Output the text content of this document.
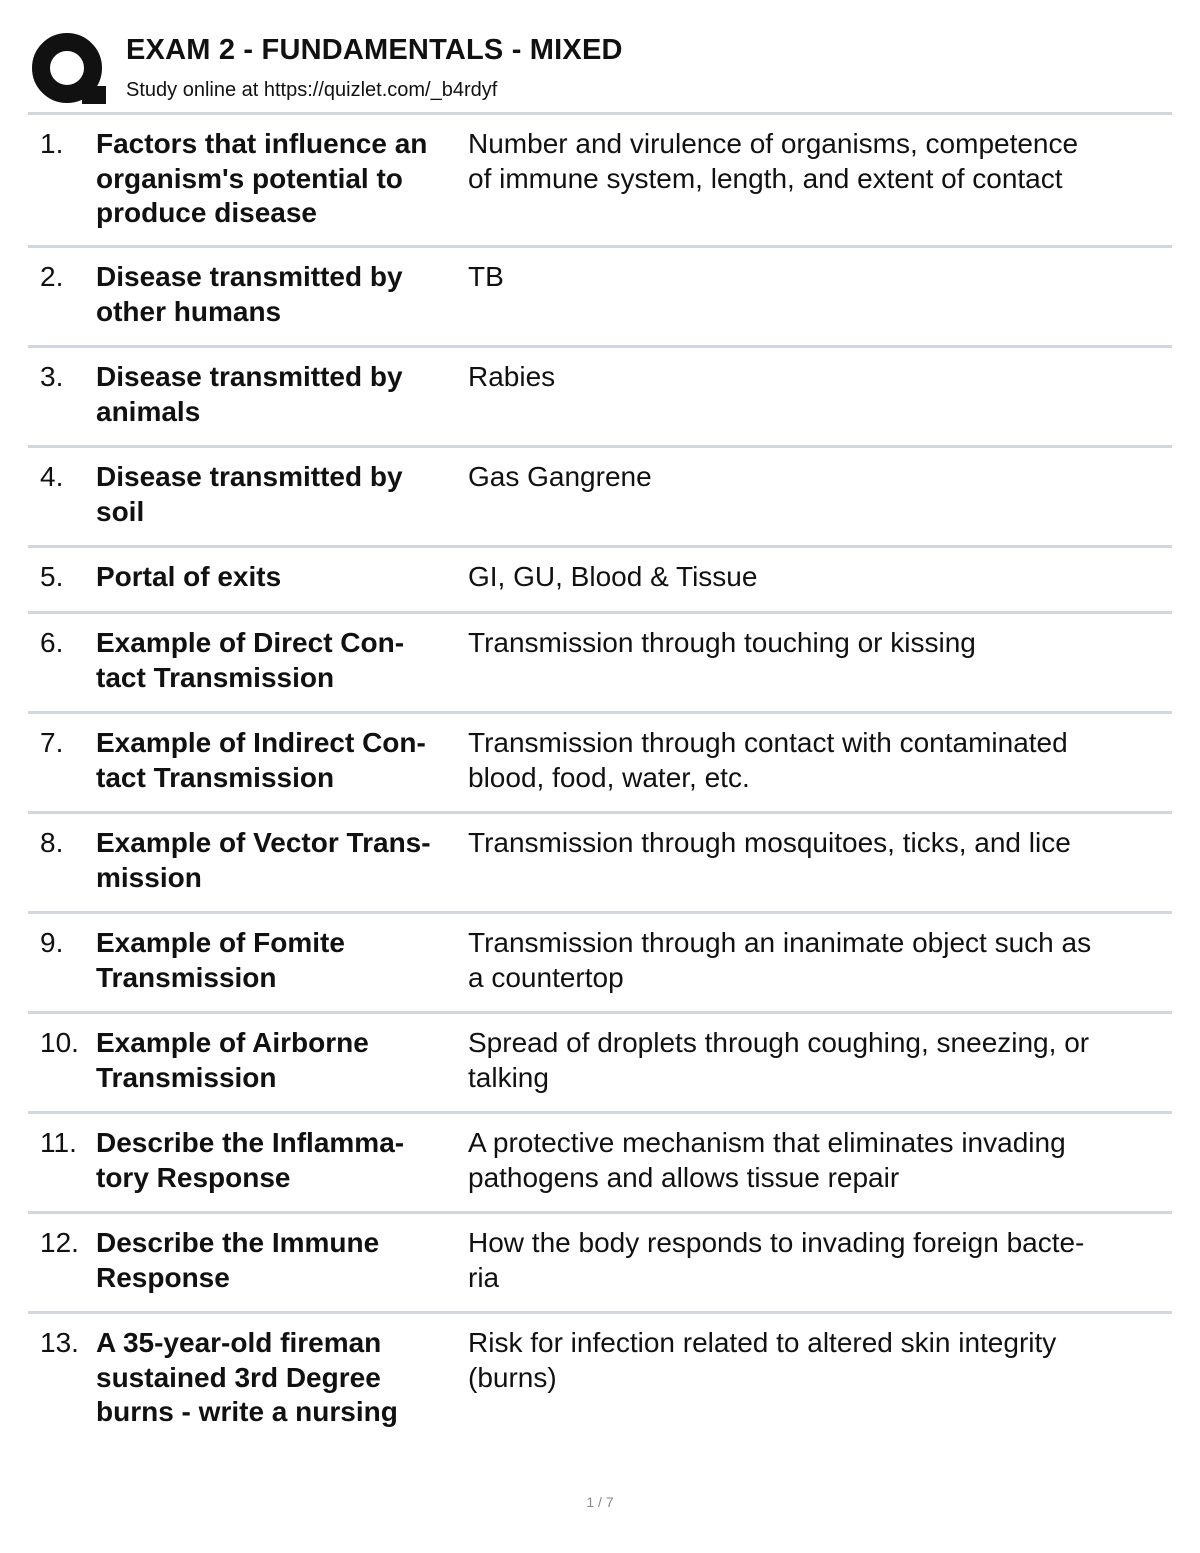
EXAM 2 - FUNDAMENTALS - MIXED
Study online at https://quizlet.com/_b4rdyf
1. Factors that influence an
organism's potential to
produce disease
Number and virulence of organisms, competence
of immune system, length, and extent of contact
2. Disease transmitted by
other humans
TB
3. Disease transmitted by
animals
Rabies
4. Disease transmitted by
soil
Gas Gangrene
5. Portal of exits	GI, GU, Blood & Tissue
6. Example of Direct Con-
tact Transmission
Transmission through touching or kissing
7. Example of Indirect Con-
tact Transmission
Transmission through contact with contaminated
blood, food, water, etc.
8. Example of Vector Trans-
mission
Transmission through mosquitoes, ticks, and lice
9. Example of Fomite
Transmission
Transmission through an inanimate object such as
a countertop
10. Example of Airborne
Transmission
Spread of droplets through coughing, sneezing, or
talking
11. Describe the Inflamma-
tory Response
A protective mechanism that eliminates invading
pathogens and allows tissue repair
12. Describe the Immune
Response
How the body responds to invading foreign bacte-
ria
13. A 35-year-old fireman
sustained 3rd Degree
burns - write a nursing
Risk for infection related to altered skin integrity
(burns)
1 / 7
